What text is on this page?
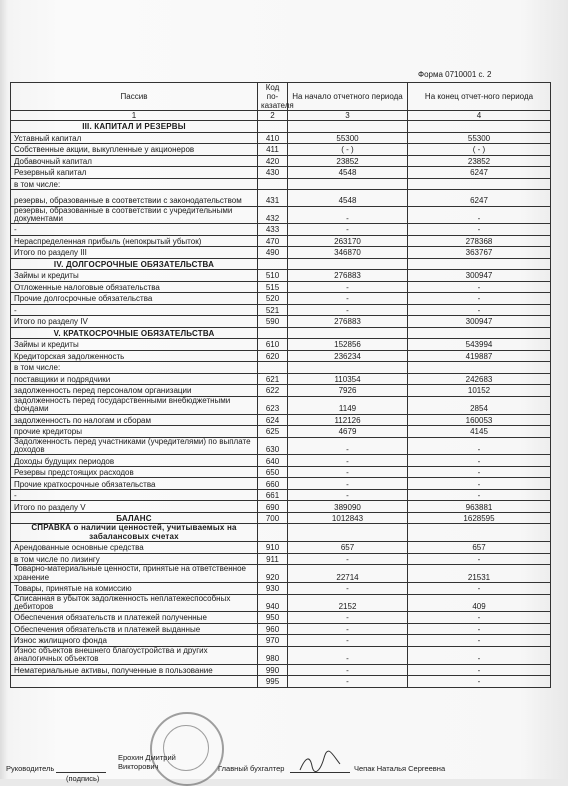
Форма 0710001 с. 2
Пассив	Код по-казателя	На начало отчетного периода	На конец отчет-ного периода
1	2	3	4
III. КАПИТАЛ И РЕЗЕРВЫ			
Уставный капитал	410	55300	55300
Собственные акции, выкупленные у акционеров	411	( - )	( - )
Добавочный капитал	420	23852	23852
Резервный капитал	430	4548	6247
в том числе:			
резервы, образованные в соответствии с законодательством	431	4548	6247
резервы, образованные в соответствии с учредительными документами	432	-	-
-	433	-	-
Нераспределенная прибыль (непокрытый убыток)	470	263170	278368
Итого по разделу III	490	346870	363767
IV. ДОЛГОСРОЧНЫЕ ОБЯЗАТЕЛЬСТВА			
Займы и кредиты	510	276883	300947
Отложенные налоговые обязательства	515	-	-
Прочие долгосрочные обязательства	520	-	-
-	521	-	-
Итого по разделу IV	590	276883	300947
V. КРАТКОСРОЧНЫЕ ОБЯЗАТЕЛЬСТВА			
Займы и кредиты	610	152856	543994
Кредиторская задолженность	620	236234	419887
в том числе:			
поставщики и подрядчики	621	110354	242683
задолженность перед персоналом организации	622	7926	10152
задолженность перед государственными внебюджетными фондами	623	1149	2854
задолженность по налогам и сборам	624	112126	160053
прочие кредиторы	625	4679	4145
Задолженность перед участниками (учредителями) по выплате доходов	630	-	-
Доходы будущих периодов	640	-	-
Резервы предстоящих расходов	650	-	-
Прочие краткосрочные обязательства	660	-	-
-	661	-	-
Итого по разделу V	690	389090	963881
БАЛАНС	700	1012843	1628595
СПРАВКА о наличии ценностей, учитываемых на забалансовых счетах			
Арендованные основные средства	910	657	657
в том числе по лизингу	911	-	-
Товарно-материальные ценности, принятые на ответственное хранение	920	22714	21531
Товары, принятые на комиссию	930	-	-
Списанная в убыток задолженность неплатежеспособных дебиторов	940	2152	409
Обеспечения обязательств и платежей полученные	950	-	-
Обеспечения обязательств и платежей выданные	960	-	-
Износ жилищного фонда	970	-	-
Износ объектов внешнего благоустройства и других аналогичных объектов	980	-	-
Нематериальные активы, полученные в пользование	990	-	-
	995	-	-
Руководитель
(подпись)
Ерохин Дмитрий
Викторович	Главный бухгалтер	Чепак Наталья Сергеевна
